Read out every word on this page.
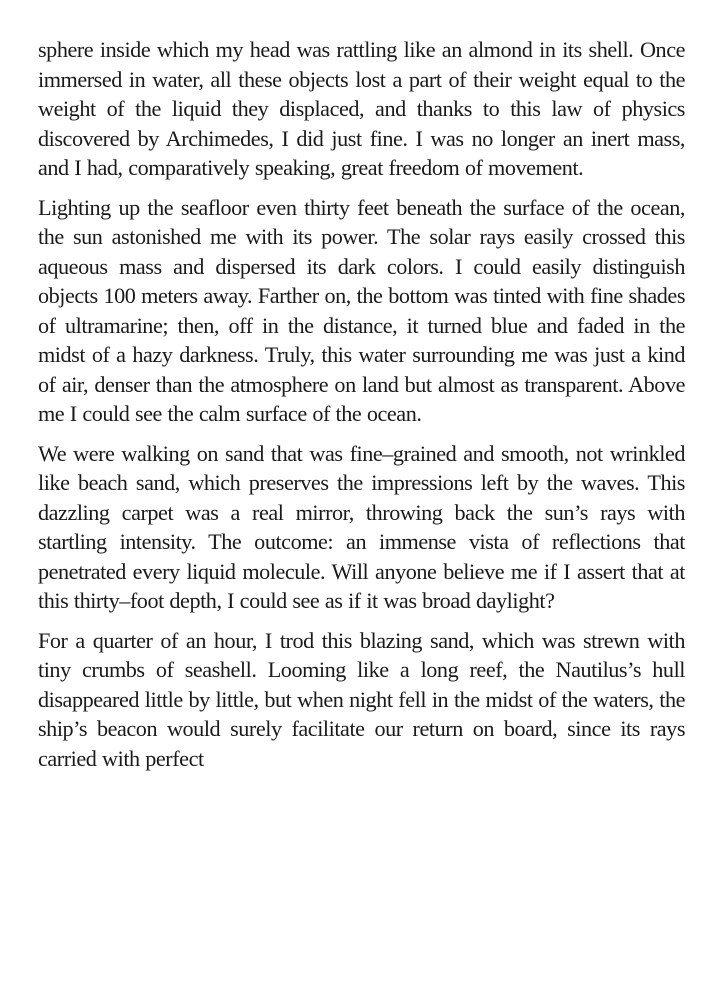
sphere inside which my head was rattling like an almond in its shell. Once immersed in water, all these objects lost a part of their weight equal to the weight of the liquid they displaced, and thanks to this law of physics discovered by Archimedes, I did just fine. I was no longer an inert mass, and I had, comparatively speaking, great freedom of movement.

Lighting up the seafloor even thirty feet beneath the surface of the ocean, the sun astonished me with its power. The solar rays easily crossed this aqueous mass and dispersed its dark colors. I could easily distinguish objects 100 meters away. Farther on, the bottom was tinted with fine shades of ultramarine; then, off in the distance, it turned blue and faded in the midst of a hazy darkness. Truly, this water surrounding me was just a kind of air, denser than the atmosphere on land but almost as transparent. Above me I could see the calm surface of the ocean.

We were walking on sand that was fine–grained and smooth, not wrinkled like beach sand, which preserves the impressions left by the waves. This dazzling carpet was a real mirror, throwing back the sun’s rays with startling intensity. The outcome: an immense vista of reflections that penetrated every liquid molecule. Will anyone believe me if I assert that at this thirty–foot depth, I could see as if it was broad daylight?

For a quarter of an hour, I trod this blazing sand, which was strewn with tiny crumbs of seashell. Looming like a long reef, the Nautilus’s hull disappeared little by little, but when night fell in the midst of the waters, the ship’s beacon would surely facilitate our return on board, since its rays carried with perfect
